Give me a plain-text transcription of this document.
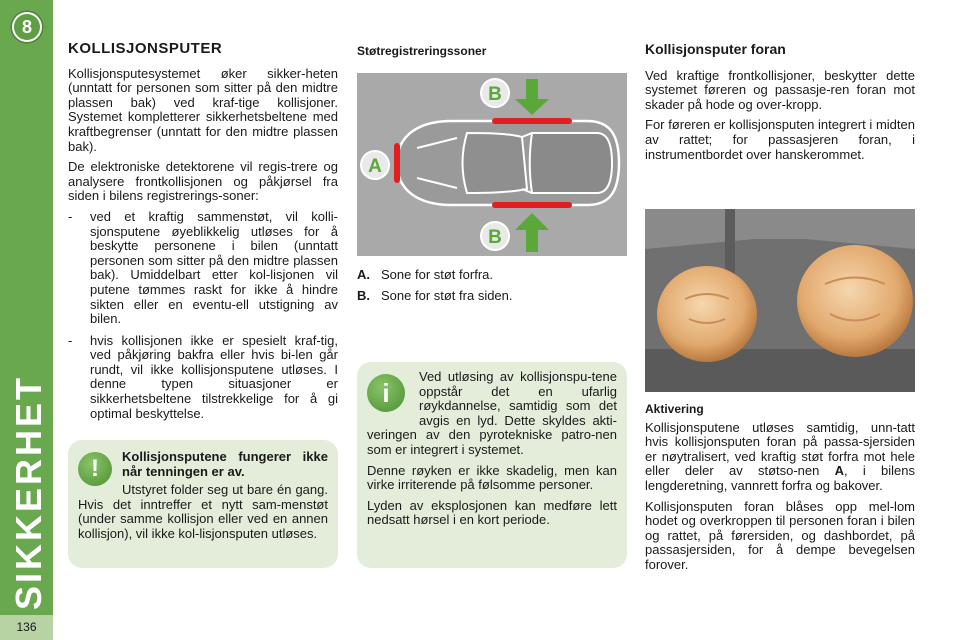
8
SIKKERHET
136
KOLLISJONSPUTER

Kollisjonsputesystemet øker sikker-heten (unntatt for personen som sitter på den midtre plassen bak) ved kraf-tige kollisjoner. Systemet kompletterer sikkerhetsbeltene med kraftbegrenser (unntatt for den midtre plassen bak).

De elektroniske detektorene vil regis-trere og analysere frontkollisjonen og påkjørsel fra siden i bilens registrerings-soner:

- ved et kraftig sammenstøt, vil kolli-sjonsputene øyeblikkelig utløses for å beskytte personene i bilen (unntatt personen som sitter på den midtre plassen bak). Umiddelbart etter kol-lisjonen vil putene tømmes raskt for ikke å hindre sikten eller en eventu-ell utstigning av bilen.
- hvis kollisjonen ikke er spesielt kraf-tig, ved påkjøring bakfra eller hvis bi-len går rundt, vil ikke kollisjonsputene utløses. I denne typen situasjoner er sikkerhetsbeltene tilstrekkelige for å gi optimal beskyttelse.
!	Kollisjonsputene fungerer ikke når tenningen er av.

Utstyret folder seg ut bare én gang. Hvis det inntreffer et nytt sam-menstøt (under samme kollisjon eller ved en annen kollisjon), vil ikke kol-lisjonsputen utløses.

Støtregistreringssoner
A
B
B
A. Sone for støt forfra.
B. Sone for støt fra siden.
i

Ved utløsing av kollisjonspu-tene oppstår det en ufarlig røykdannelse, samtidig som det avgis en lyd. Dette skyldes akti-veringen av den pyrotekniske patro-nen som er integrert i systemet.

Denne røyken er ikke skadelig, men kan virke irriterende på følsomme personer.

Lyden av eksplosjonen kan medføre lett nedsatt hørsel i en kort periode.

Kollisjonsputer foran

Ved kraftige frontkollisjoner, beskytter dette systemet føreren og passasje-ren foran mot skader på hode og over-kropp.

For føreren er kollisjonsputen integrert i midten av rattet; for passasjeren foran, i instrumentbordet over hanskerommet.

Aktivering

Kollisjonsputene utløses samtidig, unn-tatt hvis kollisjonsputen foran på passa-sjersiden er nøytralisert, ved kraftig støt forfra mot hele eller deler av støtso-nen A, i bilens lengderetning, vannrett forfra og bakover.

Kollisjonsputen foran blåses opp mel-lom hodet og overkroppen til personen foran i bilen og rattet, på førersiden, og dashbordet, på passasjersiden, for å dempe bevegelsen forover.
